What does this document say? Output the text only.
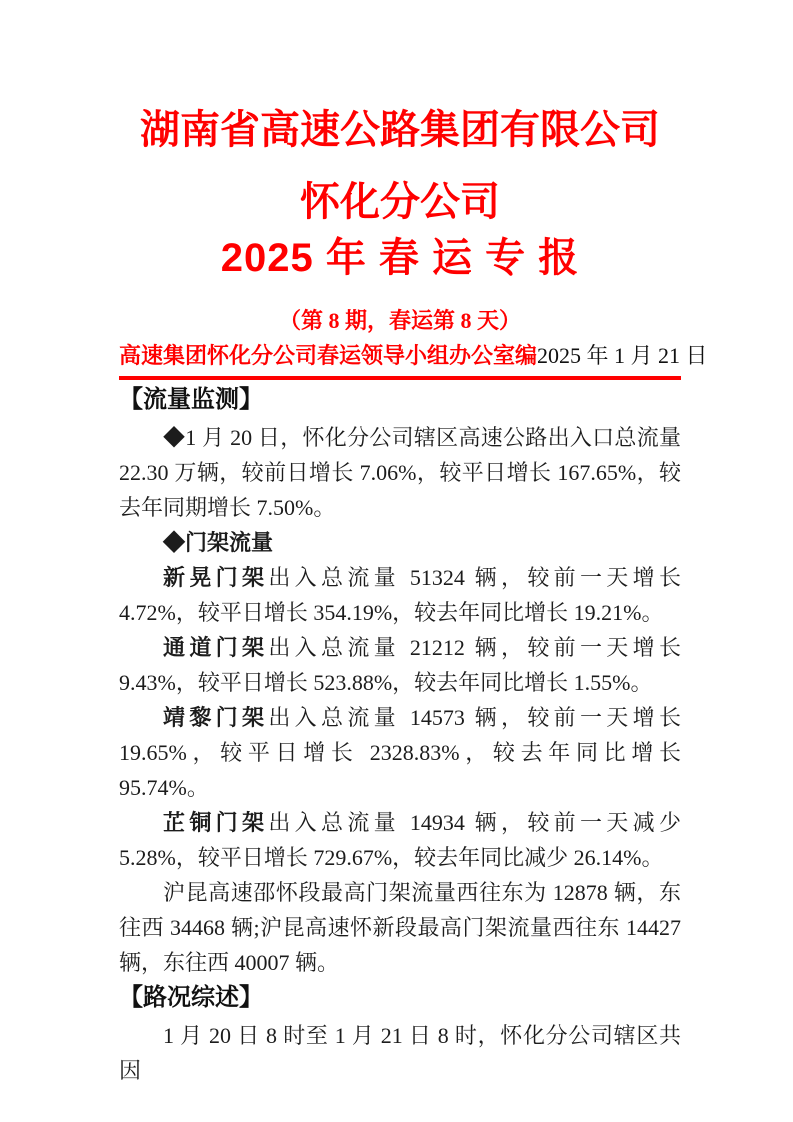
湖南省高速公路集团有限公司
怀化分公司
2025 年 春 运 专 报
（第 8 期，春运第 8 天）
高速集团怀化分公司春运领导小组办公室编 2025 年 1 月 21 日
【流量监测】

◆1 月 20 日，怀化分公司辖区高速公路出入口总流量 22.30 万辆，较前日增长 7.06%，较平日增长 167.65%，较去年同期增长 7.50%。

◆门架流量

新晃门架出入总流量 51324 辆，较前一天增长 4.72%，较平日增长 354.19%，较去年同比增长 19.21%。

通道门架出入总流量 21212 辆，较前一天增长 9.43%，较平日增长 523.88%，较去年同比增长 1.55%。

靖黎门架出入总流量 14573 辆，较前一天增长 19.65%，较平日增长 2328.83%，较去年同比增长 95.74%。

芷铜门架出入总流量 14934 辆，较前一天减少 5.28%，较平日增长 729.67%，较去年同比减少 26.14%。

沪昆高速邵怀段最高门架流量西往东为 12878 辆，东往西 34468 辆;沪昆高速怀新段最高门架流量西往东 14427 辆，东往西 40007 辆。

【路况综述】

1 月 20 日 8 时至 1 月 21 日 8 时，怀化分公司辖区共因
